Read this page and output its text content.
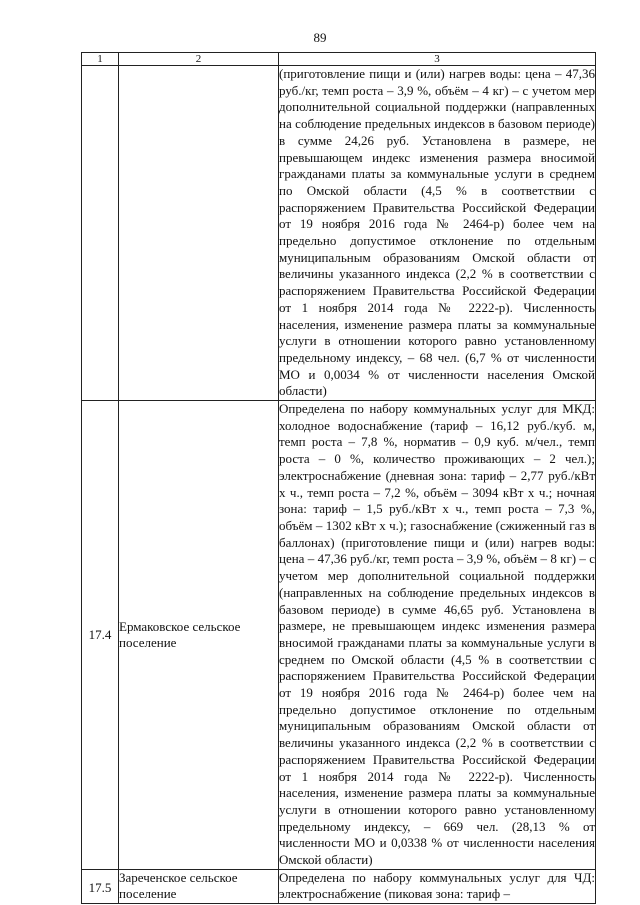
89
1	2	3
		(приготовление пищи и (или) нагрев воды: цена – 47,36 руб./кг, темп роста – 3,9 %, объём – 4 кг) – с учетом мер дополнительной социальной поддержки (направленных на соблюдение предельных индексов в базовом периоде) в сумме 24,26 руб. Установлена в размере, не превышающем индекс изменения размера вносимой гражданами платы за коммунальные услуги в среднем по Омской области (4,5 % в соответствии с распоряжением Правительства Российской Федерации от 19 ноября 2016 года № 2464-р) более чем на предельно допустимое отклонение по отдельным муниципальным образованиям Омской области от величины указанного индекса (2,2 % в соответствии с распоряжением Правительства Российской Федерации от 1 ноября 2014 года № 2222-р). Численность населения, изменение размера платы за коммунальные услуги в отношении которого равно установленному предельному индексу, – 68 чел. (6,7 % от численности МО и 0,0034 % от численности населения Омской области)
17.4	Ермаковское сельское поселение	Определена по набору коммунальных услуг для МКД: холодное водоснабжение (тариф – 16,12 руб./куб. м, темп роста – 7,8 %, норматив – 0,9 куб. м/чел., темп роста – 0 %, количество проживающих – 2 чел.); электроснабжение (дневная зона: тариф – 2,77 руб./кВт х ч., темп роста – 7,2 %, объём – 3094 кВт х ч.; ночная зона: тариф – 1,5 руб./кВт х ч., темп роста – 7,3 %, объём – 1302 кВт х ч.); газоснабжение (сжиженный газ в баллонах) (приготовление пищи и (или) нагрев воды: цена – 47,36 руб./кг, темп роста – 3,9 %, объём – 8 кг) – с учетом мер дополнительной социальной поддержки (направленных на соблюдение предельных индексов в базовом периоде) в сумме 46,65 руб. Установлена в размере, не превышающем индекс изменения размера вносимой гражданами платы за коммунальные услуги в среднем по Омской области (4,5 % в соответствии с распоряжением Правительства Российской Федерации от 19 ноября 2016 года № 2464-р) более чем на предельно допустимое отклонение по отдельным муниципальным образованиям Омской области от величины указанного индекса (2,2 % в соответствии с распоряжением Правительства Российской Федерации от 1 ноября 2014 года № 2222-р). Численность населения, изменение размера платы за коммунальные услуги в отношении которого равно установленному предельному индексу, – 669 чел. (28,13 % от численности МО и 0,0338 % от численности населения Омской области)
17.5	Зареченское сельское поселение	Определена по набору коммунальных услуг для ЧД: электроснабжение (пиковая зона: тариф –
